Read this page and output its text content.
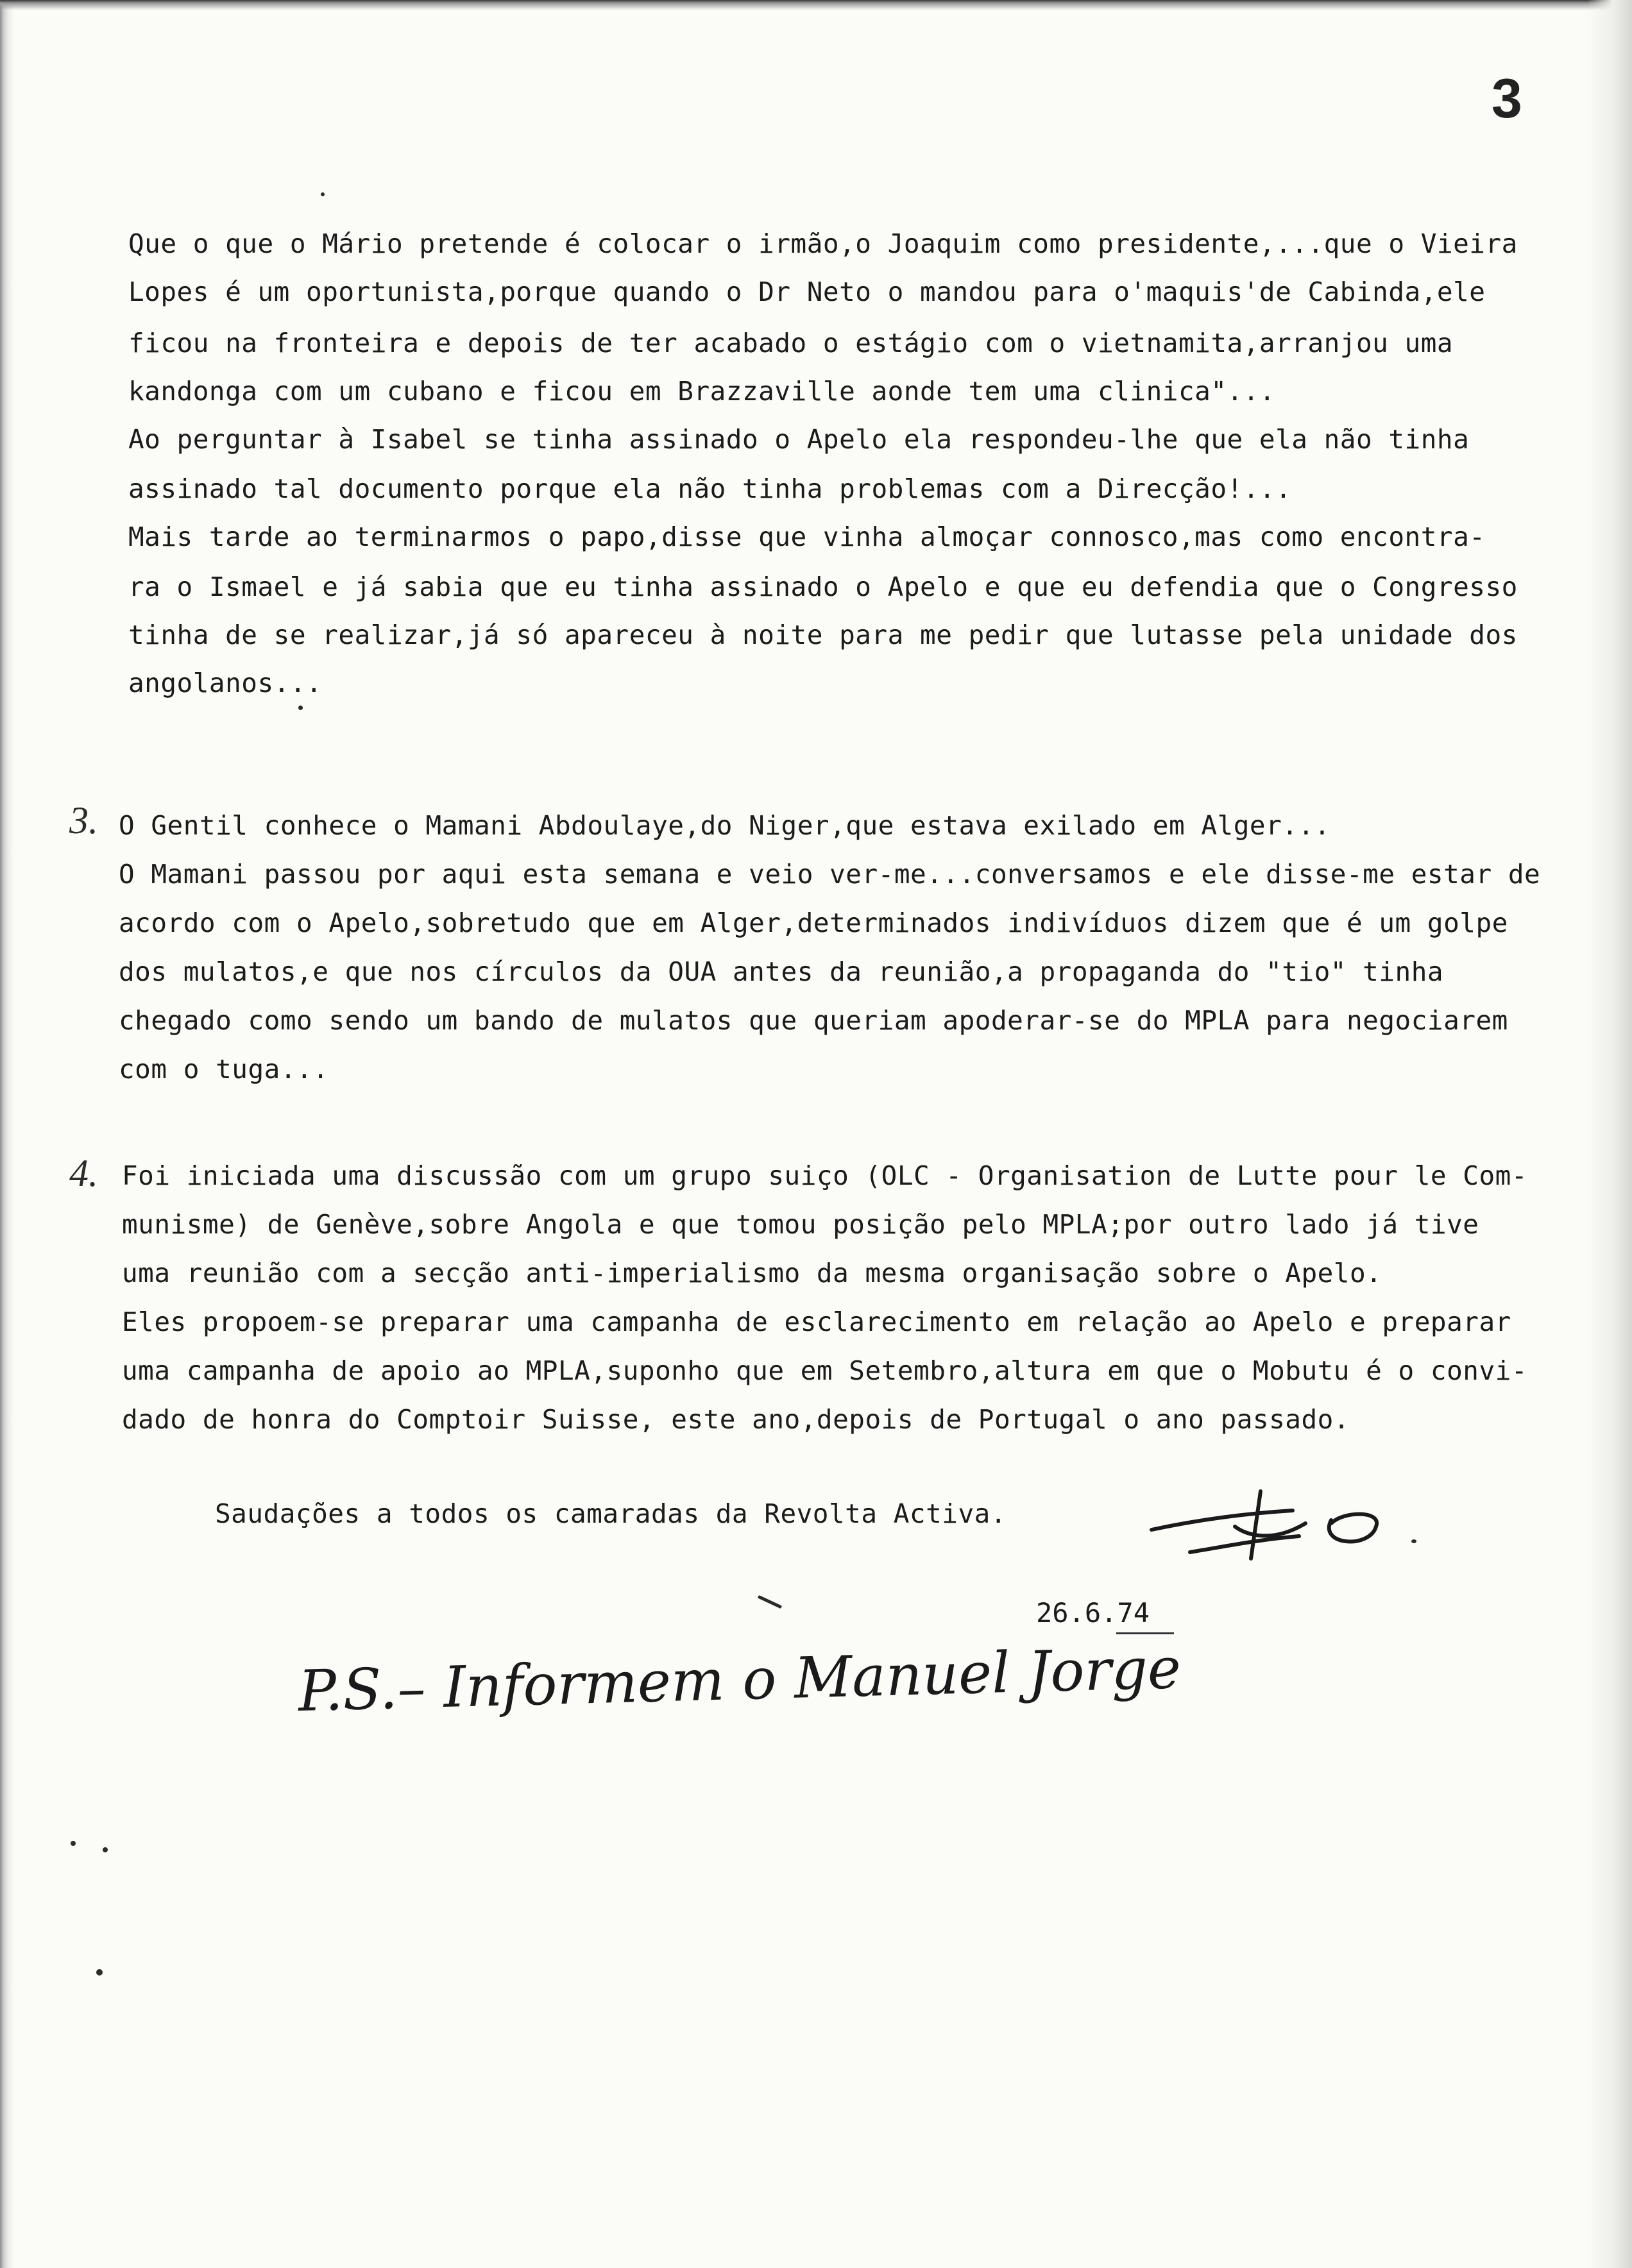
3
Que o que o Mário pretende é colocar o irmão,o Joaquim como presidente,...que o Vieira
Lopes é um oportunista,porque quando o Dr Neto o mandou para o'maquis'de Cabinda,ele
ficou na fronteira e depois de ter acabado o estágio com o vietnamita,arranjou uma
kandonga com um cubano e ficou em Brazzaville aonde tem uma clinica"...
Ao perguntar à Isabel se tinha assinado o Apelo ela respondeu-lhe que ela não tinha
assinado tal documento porque ela não tinha problemas com a Direcção!...
Mais tarde ao terminarmos o papo,disse que vinha almoçar connosco,mas como encontra-
ra o Ismael e já sabia que eu tinha assinado o Apelo e que eu defendia que o Congresso
tinha de se realizar,já só apareceu à noite para me pedir que lutasse pela unidade dos
angolanos...
3. O Gentil conhece o Mamani Abdoulaye,do Niger,que estava exilado em Alger...
O Mamani passou por aqui esta semana e veio ver-me...conversamos e ele disse-me estar de
acordo com o Apelo,sobretudo que em Alger,determinados indivíduos dizem que é um golpe
dos mulatos,e que nos círculos da OUA antes da reunião,a propaganda do "tio" tinha
chegado como sendo um bando de mulatos que queriam apoderar-se do MPLA para negociarem
com o tuga...
4. Foi iniciada uma discussão com um grupo suiço (OLC - Organisation de Lutte pour le Com-
munisme) de Genève,sobre Angola e que tomou posição pelo MPLA;por outro lado já tive
uma reunião com a secção anti-imperialismo da mesma organisação sobre o Apelo.
Eles propoem-se preparar uma campanha de esclarecimento em relação ao Apelo e preparar
uma campanha de apoio ao MPLA,suponho que em Setembro,altura em que o Mobutu é o convi-
dado de honra do Comptoir Suisse, este ano,depois de Portugal o ano passado.
Saudações a todos os camaradas da Revolta Activa.
26.6.74
P.S.– Informem o Manuel Jorge
